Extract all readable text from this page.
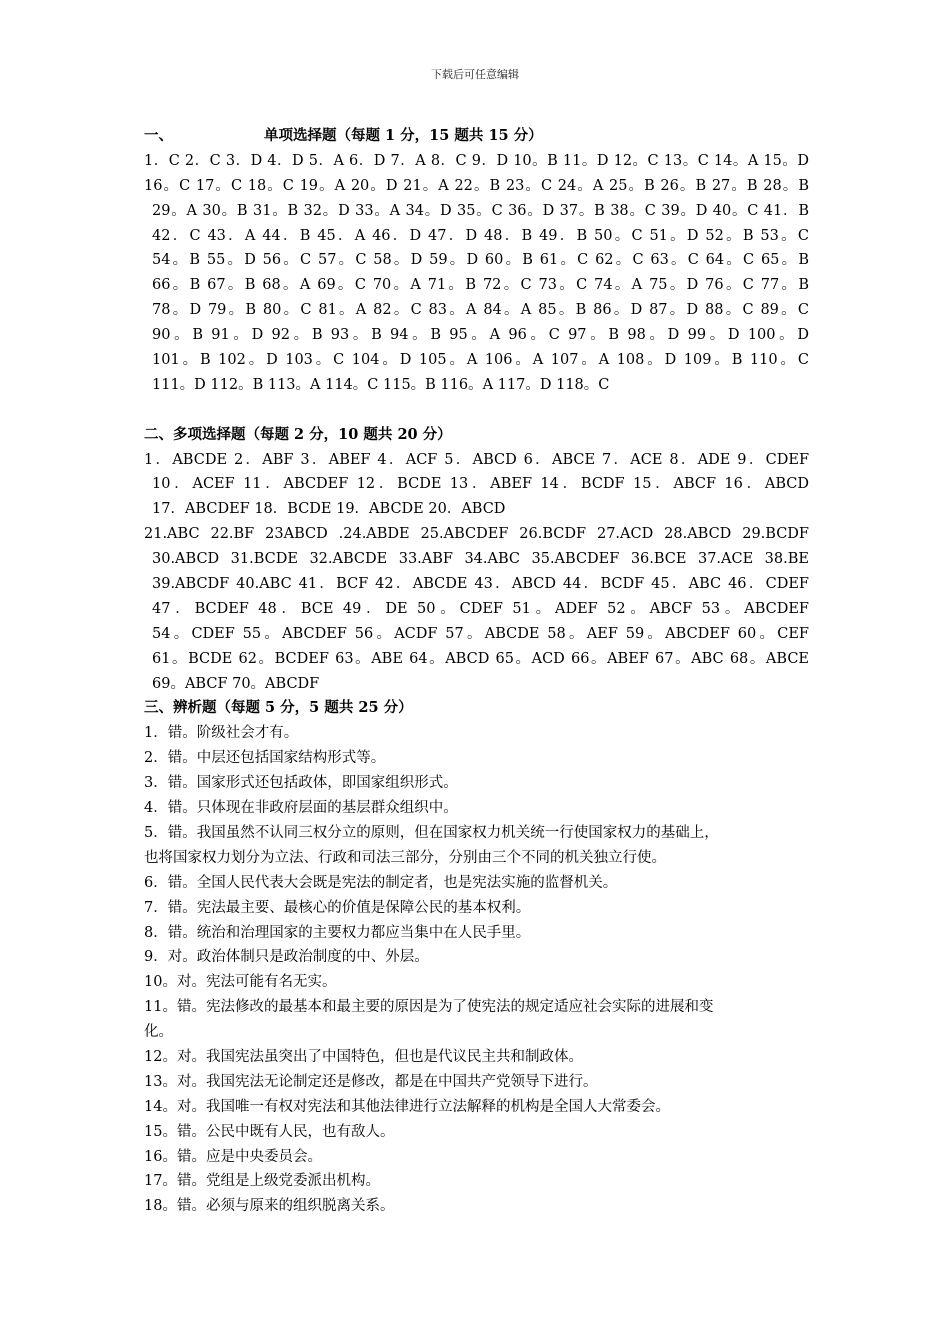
下载后可任意编辑
一、	单项选择题（每题 1 分，15 题共 15 分）
1．C 2．C 3．D 4．D 5．A 6．D 7．A 8．C 9．D 10。B 11。D 12。C 13。C 14。A 15。D
16。C 17。C 18。C 19。A 20。D 21。A 22。B 23。C 24。A 25。B 26。B 27。B 28。B
29。A 30。B 31。B 32。D 33。A 34。D 35。C 36。D 37。B 38。C 39。D 40。C 41．B
42．C 43．A 44．B 45．A 46．D 47．D 48．B 49．B 50。C 51。D 52。B 53。C
54。B 55。D 56。C 57。C 58。D 59。D 60。B 61。C 62。C 63。C 64。C 65。B
66。B 67。B 68。A 69。C 70。A 71。B 72。C 73。C 74。A 75。D 76。C 77。B
78。D 79。B 80。C 81。A 82。C 83。A 84。A 85。B 86。D 87。D 88。C 89。C
90。B 91。D 92。B 93。B 94。B 95。A 96。C 97。B 98。D 99。D 100。D
101。B 102。D 103。C 104。D 105。A 106。A 107。A 108。D 109。B 110。C
111。D 112。B 113。A 114。C 115。B 116。A 117。D 118。C
二、多项选择题（每题 2 分，10 题共 20 分）
1．ABCDE 2．ABF 3．ABEF 4．ACF 5．ABCD 6．ABCE 7．ACE 8．ADE 9．CDEF
10．ACEF 11．ABCDEF 12．BCDE 13．ABEF 14．BCDF 15．ABCF 16．ABCD
17．ABCDEF 18．BCDE 19．ABCDE 20．ABCD
21.ABC 22.BF 23ABCD .24.ABDE 25.ABCDEF 26.BCDF 27.ACD 28.ABCD 29.BCDF
30.ABCD 31.BCDE 32.ABCDE 33.ABF 34.ABC 35.ABCDEF 36.BCE 37.ACE 38.BE
39.ABCDF 40.ABC 41．BCF 42．ABCDE 43．ABCD 44．BCDF 45．ABC 46．CDEF
47．BCDEF 48．BCE 49．DE 50。CDEF 51。ADEF 52。ABCF 53。ABCDEF
54。CDEF 55。ABCDEF 56。ACDF 57。ABCDE 58。AEF 59。ABCDEF 60。CEF
61。BCDE 62。BCDEF 63。ABE 64。ABCD 65。ACD 66。ABEF 67。ABC 68。ABCE
69。ABCF 70。ABCDF
三、辨析题（每题 5 分，5 题共 25 分）
1．错。阶级社会才有。
2．错。中层还包括国家结构形式等。
3．错。国家形式还包括政体，即国家组织形式。
4．错。只体现在非政府层面的基层群众组织中。
5．错。我国虽然不认同三权分立的原则，但在国家权力机关统一行使国家权力的基础上，
也将国家权力划分为立法、行政和司法三部分，分别由三个不同的机关独立行使。
6．错。全国人民代表大会既是宪法的制定者，也是宪法实施的监督机关。
7．错。宪法最主要、最核心的价值是保障公民的基本权利。
8．错。统治和治理国家的主要权力都应当集中在人民手里。
9．对。政治体制只是政治制度的中、外层。
10。对。宪法可能有名无实。
11。错。宪法修改的最基本和最主要的原因是为了使宪法的规定适应社会实际的进展和变
化。
12。对。我国宪法虽突出了中国特色，但也是代议民主共和制政体。
13。对。我国宪法无论制定还是修改，都是在中国共产党领导下进行。
14。对。我国唯一有权对宪法和其他法律进行立法解释的机构是全国人大常委会。
15。错。公民中既有人民，也有敌人。
16。错。应是中央委员会。
17。错。党组是上级党委派出机构。
18。错。必须与原来的组织脱离关系。
